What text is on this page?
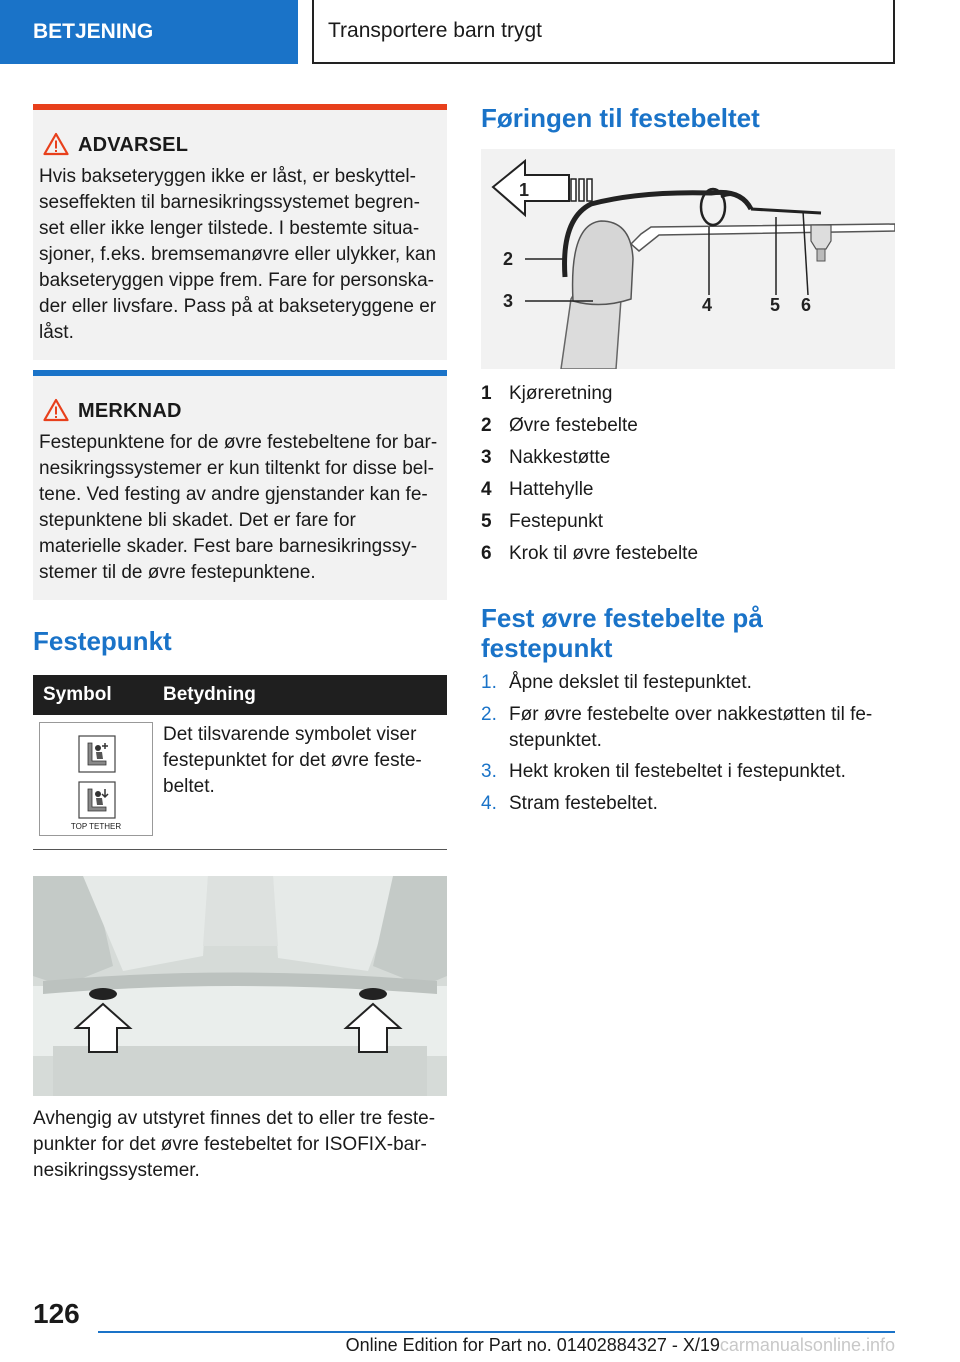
BETJENING	Transportere barn trygt
ADVARSEL
Hvis bakseteryggen ikke er låst, er beskyttel-
seseffekten til barnesikringssystemet begren-
set eller ikke lenger tilstede. I bestemte situa-
sjoner, f.eks. bremsemanøvre eller ulykker, kan
bakseteryggen vippe frem. Fare for personska-
der eller livsfare. Pass på at bakseteryggene er
låst.
MERKNAD
Festepunktene for de øvre festebeltene for bar-
nesikringssystemer er kun tiltenkt for disse bel-
tene. Ved festing av andre gjenstander kan fe-
stepunktene bli skadet. Det er fare for
materielle skader. Fest bare barnesikringssy-
stemer til de øvre festepunktene.
Festepunkt
Symbol	Betydning
TOP TETHER
Det tilsvarende symbolet viser
festepunktet for det øvre feste-
beltet.
Avhengig av utstyret finnes det to eller tre feste-
punkter for det øvre festebeltet for ISOFIX-bar-
nesikringssystemer.
Føringen til festebeltet
1
2
3	4	5 6
1 Kjøreretning
2 Øvre festebelte
3 Nakkestøtte
4 Hattehylle
5 Festepunkt
6 Krok til øvre festebelte
Fest øvre festebelte på
festepunkt
1. Åpne dekslet til festepunktet.
2. Før øvre festebelte over nakkestøtten til fe-
stepunktet.
3. Hekt kroken til festebeltet i festepunktet.
4. Stram festebeltet.
126
Online Edition for Part no. 01402884327 - X/19carmanualsonline.info
